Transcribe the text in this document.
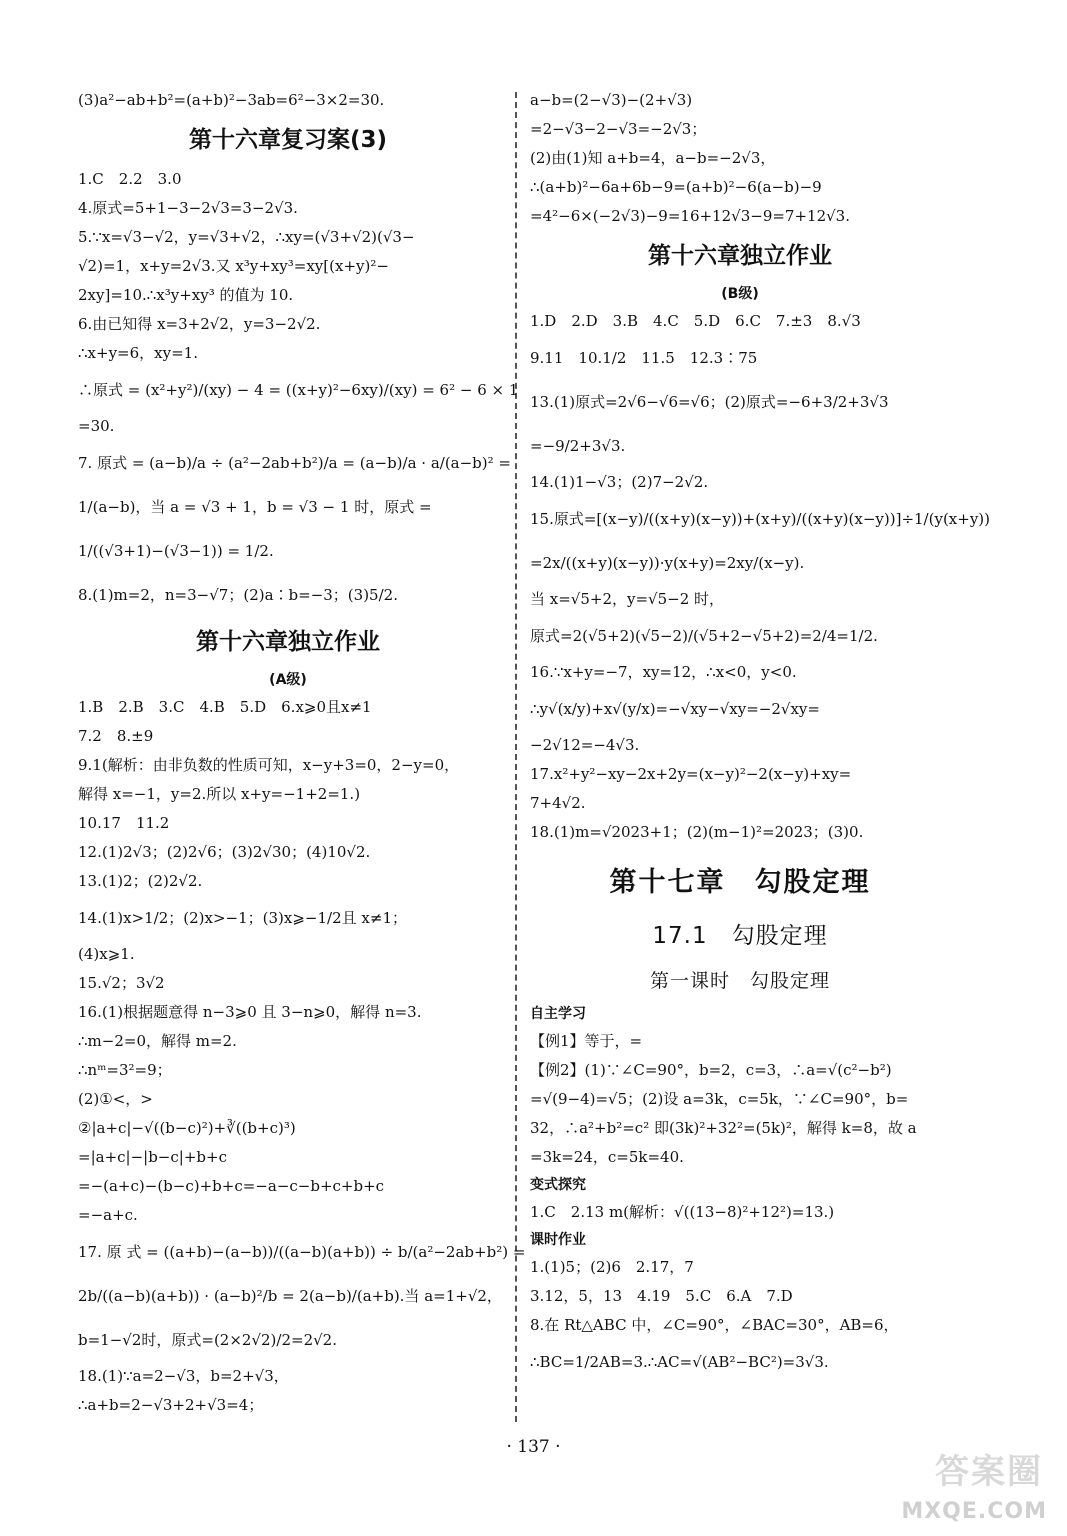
(3)a²−ab+b²=(a+b)²−3ab=6²−3×2=30.
第十六章复习案(3)
1.C　2.2　3.0
4.原式=5+1−3−2√3=3−2√3.
5.∵x=√3−√2，y=√3+√2，∴xy=(√3+√2)(√3−
√2)=1，x+y=2√3.又 x³y+xy³=xy[(x+y)²−
2xy]=10.∴x³y+xy³ 的值为 10.
6.由已知得 x=3+2√2，y=3−2√2.
∴x+y=6，xy=1.
∴原式 = (x²+y²)/(xy) − 4 = ((x+y)²−6xy)/(xy) = 6² − 6 × 1
=30.
7. 原式 = (a−b)/a ÷ (a²−2ab+b²)/a = (a−b)/a · a/(a−b)² =
1/(a−b)，当 a = √3 + 1，b = √3 − 1 时，原式 =
1/((√3+1)−(√3−1)) = 1/2.
8.(1)m=2，n=3−√7；(2)a∶b=−3；(3)5/2.
第十六章独立作业
(A级)
1.B　2.B　3.C　4.B　5.D　6.x⩾0且x≠1
7.2　8.±9
9.1(解析：由非负数的性质可知，x−y+3=0，2−y=0，
解得 x=−1，y=2.所以 x+y=−1+2=1.)
10.17　11.2
12.(1)2√3；(2)2√6；(3)2√30；(4)10√2.
13.(1)2；(2)2√2.
14.(1)x>1/2；(2)x>−1；(3)x⩾−1/2且 x≠1；
(4)x⩾1.
15.√2；3√2
16.(1)根据题意得 n−3⩾0 且 3−n⩾0，解得 n=3.
∴m−2=0，解得 m=2.
∴nᵐ=3²=9；
(2)①<，>
②|a+c|−√((b−c)²)+∛((b+c)³)
=|a+c|−|b−c|+b+c
=−(a+c)−(b−c)+b+c=−a−c−b+c+b+c
=−a+c.
17. 原 式 = ((a+b)−(a−b))/((a−b)(a+b)) ÷ b/(a²−2ab+b²) =
2b/((a−b)(a+b)) · (a−b)²/b = 2(a−b)/(a+b).当 a=1+√2，
b=1−√2时，原式=(2×2√2)/2=2√2.
18.(1)∵a=2−√3，b=2+√3，
∴a+b=2−√3+2+√3=4；
a−b=(2−√3)−(2+√3)
=2−√3−2−√3=−2√3；
(2)由(1)知 a+b=4，a−b=−2√3，
∴(a+b)²−6a+6b−9=(a+b)²−6(a−b)−9
=4²−6×(−2√3)−9=16+12√3−9=7+12√3.
第十六章独立作业
(B级)
1.D　2.D　3.B　4.C　5.D　6.C　7.±3　8.√3
9.11　10.1/2　11.5　12.3∶75
13.(1)原式=2√6−√6=√6；(2)原式=−6+3/2+3√3
=−9/2+3√3.
14.(1)1−√3；(2)7−2√2.
15.原式=[(x−y)/((x+y)(x−y))+(x+y)/((x+y)(x−y))]÷1/(y(x+y))
=2x/((x+y)(x−y))·y(x+y)=2xy/(x−y).
当 x=√5+2，y=√5−2 时，
原式=2(√5+2)(√5−2)/(√5+2−√5+2)=2/4=1/2.
16.∵x+y=−7，xy=12，∴x<0，y<0.
∴y√(x/y)+x√(y/x)=−√xy−√xy=−2√xy=
−2√12=−4√3.
17.x²+y²−xy−2x+2y=(x−y)²−2(x−y)+xy=
7+4√2.
18.(1)m=√2023+1；(2)(m−1)²=2023；(3)0.
第十七章　勾股定理
17.1　勾股定理
第一课时　勾股定理
自主学习
【例1】等于，=
【例2】(1)∵∠C=90°，b=2，c=3，∴a=√(c²−b²)
=√(9−4)=√5；(2)设 a=3k，c=5k，∵∠C=90°，b=
32，∴a²+b²=c² 即(3k)²+32²=(5k)²，解得 k=8，故 a
=3k=24，c=5k=40.
变式探究
1.C　2.13 m(解析：√((13−8)²+12²)=13.)
课时作业
1.(1)5；(2)6　2.17，7
3.12，5，13　4.19　5.C　6.A　7.D
8.在 Rt△ABC 中，∠C=90°，∠BAC=30°，AB=6，
∴BC=1/2AB=3.∴AC=√(AB²−BC²)=3√3.
· 137 ·
答案圈
MXQE.COM
